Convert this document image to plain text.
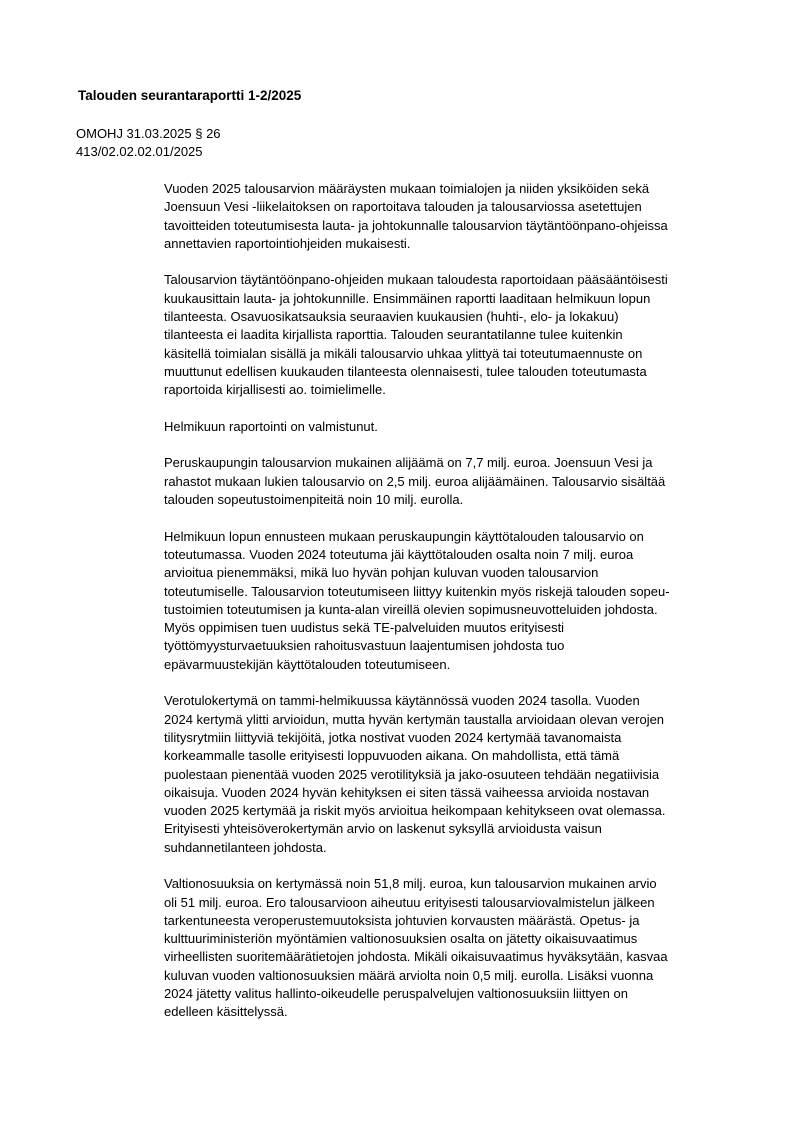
Talouden seurantaraportti 1-2/2025
OMOHJ 31.03.2025 § 26
413/02.02.02.01/2025

Vuoden 2025 talousarvion määräysten mukaan toimialojen ja niiden yksiköiden sekä
Joensuun Vesi -liikelaitoksen on raportoitava talouden ja talousarviossa asetettujen
tavoitteiden toteutumisesta lauta- ja johtokunnalle talousarvion täytäntöönpano-ohjeissa
annettavien raportointiohjeiden mukaisesti.

Talousarvion täytäntöönpano-ohjeiden mukaan taloudesta raportoidaan pääsääntöisesti
kuukausittain lauta- ja johtokunnille. Ensimmäinen raportti laaditaan helmikuun lopun
tilanteesta. Osavuosikatsauksia seuraavien kuukausien (huhti-, elo- ja lokakuu)
tilanteesta ei laadita kirjallista raporttia. Talouden seurantatilanne tulee kuitenkin
käsitellä toimialan sisällä ja mikäli talousarvio uhkaa ylittyä tai toteutumaennuste on
muuttunut edellisen kuukauden tilanteesta olennaisesti, tulee talouden toteutumasta
raportoida kirjallisesti ao. toimielimelle.

Helmikuun raportointi on valmistunut.

Peruskaupungin talousarvion mukainen alijäämä on 7,7 milj. euroa. Joensuun Vesi ja
rahastot mukaan lukien talousarvio on 2,5 milj. euroa alijäämäinen. Talousarvio sisältää
talouden sopeutustoimenpiteitä noin 10 milj. eurolla.

Helmikuun lopun ennusteen mukaan peruskaupungin käyttötalouden talousarvio on
toteutumassa. Vuoden 2024 toteutuma jäi käyttötalouden osalta noin 7 milj. euroa
arvioitua pienemmäksi, mikä luo hyvän pohjan kuluvan vuoden talousarvion
toteutumiselle. Talousarvion toteutumiseen liittyy kuitenkin myös riskejä talouden sopeu-
tustoimien toteutumisen ja kunta-alan vireillä olevien sopimusneuvotteluiden johdosta.
Myös oppimisen tuen uudistus sekä TE-palveluiden muutos erityisesti
työttömyysturvaetuuksien rahoitusvastuun laajentumisen johdosta tuo
epävarmuustekijän käyttötalouden toteutumiseen.

Verotulokertymä on tammi-helmikuussa käytännössä vuoden 2024 tasolla. Vuoden
2024 kertymä ylitti arvioidun, mutta hyvän kertymän taustalla arvioidaan olevan verojen
tilitysrytmiin liittyviä tekijöitä, jotka nostivat vuoden 2024 kertymää tavanomaista
korkeammalle tasolle erityisesti loppuvuoden aikana. On mahdollista, että tämä
puolestaan pienentää vuoden 2025 verotilityksiä ja jako-osuuteen tehdään negatiivisia
oikaisuja. Vuoden 2024 hyvän kehityksen ei siten tässä vaiheessa arvioida nostavan
vuoden 2025 kertymää ja riskit myös arvioitua heikompaan kehitykseen ovat olemassa.
Erityisesti yhteisöverokertymän arvio on laskenut syksyllä arvioidusta vaisun
suhdannetilanteen johdosta.

Valtionosuuksia on kertymässä noin 51,8 milj. euroa, kun talousarvion mukainen arvio
oli 51 milj. euroa. Ero talousarvioon aiheutuu erityisesti talousarviovalmistelun jälkeen
tarkentuneesta veroperustemuutoksista johtuvien korvausten määrästä. Opetus- ja
kulttuuriministeriön myöntämien valtionosuuksien osalta on jätetty oikaisuvaatimus
virheellisten suoritemäärätietojen johdosta. Mikäli oikaisuvaatimus hyväksytään, kasvaa
kuluvan vuoden valtionosuuksien määrä arviolta noin 0,5 milj. eurolla. Lisäksi vuonna
2024 jätetty valitus hallinto-oikeudelle peruspalvelujen valtionosuuksiin liittyen on
edelleen käsittelyssä.
